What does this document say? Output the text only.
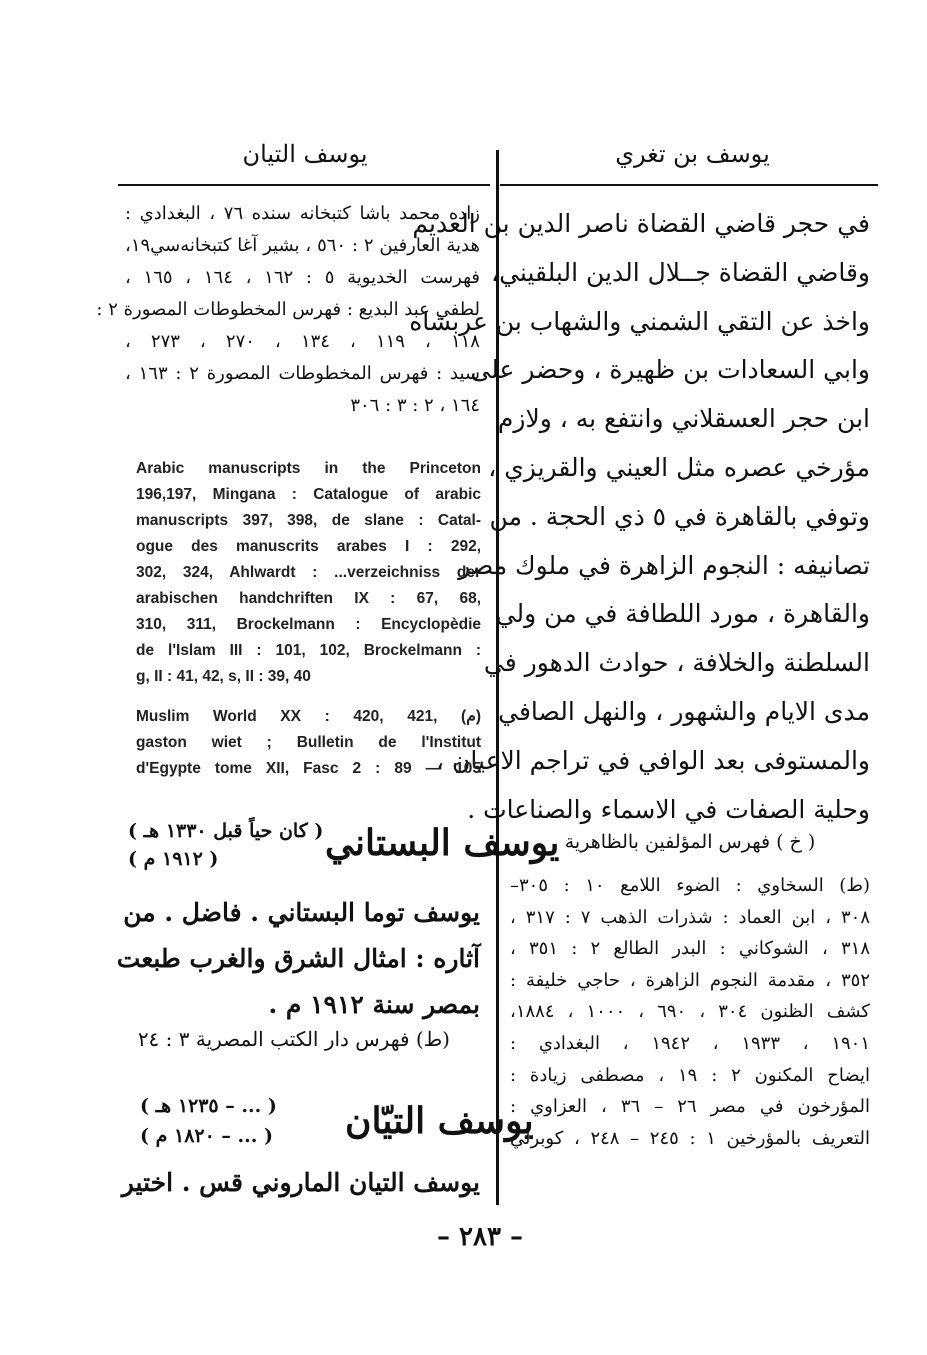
يوسف بن تغري
يوسف التيان
في حجر قاضي القضاة ناصر الدين بن العديم
وقاضي القضاة جــلال الدين البلقيني،
واخذ عن التقي الشمني والشهاب بن عربشاه
وابي السعادات بن ظهيرة ، وحضر على
ابن حجر العسقلاني وانتفع به ، ولازم
مؤرخي عصره مثل العيني والقريزي ،
وتوفي بالقاهرة في ٥ ذي الحجة . من
تصانيفه : النجوم الزاهرة في ملوك مصر
والقاهرة ، مورد اللطافة في من ولي
السلطنة والخلافة ، حوادث الدهور في
مدى الايام والشهور ، والنهل الصافي
والمستوفى بعد الوافي في تراجم الاعيان ،
وحلية الصفات في الاسماء والصناعات .
( خ ) فهرس المؤلفين بالظاهرية
(ط) السخاوي : الضوء اللامع ١٠ : ٣٠٥–
٣٠٨ ، ابن العماد : شذرات الذهب ٧ : ٣١٧ ،
٣١٨ ، الشوكاني : البدر الطالع ٢ : ٣٥١ ،
٣٥٢ ، مقدمة النجوم الزاهرة ، حاجي خليفة :
كشف الظنون ٣٠٤ ، ٦٩٠ ، ١٠٠٠ ، ١٨٨٤،
١٩٠١ ، ١٩٣٣ ، ١٩٤٢ ، البغدادي :
ايضاح المكنون ٢ : ١٩ ، مصطفى زيادة :
المؤرخون في مصر ٢٦ – ٣٦ ، العزاوي :
التعريف بالمؤرخين ١ : ٢٤٥ – ٢٤٨ ، كوبرلي
زاده محمد باشا كتبخانه سنده ٧٦ ، البغدادي :
هدية العارفين ٢ : ٥٦٠ ، بشير آغا كتبخانه‌سي١٩،
فهرست الخديوية ٥ : ١٦٢ ، ١٦٤ ، ١٦٥ ،
لطفي عبد البديع : فهرس المخطوطات المصورة ٢ :
١١٨ ، ١١٩ ، ١٣٤ ، ٢٧٠ ، ٢٧٣ ،
سيد : فهرس المخطوطات المصورة ٢ : ١٦٣ ،
١٦٤ ، ٢ : ٣ : ٣٠٦
Arabic manuscripts in the Princeton
196,197, Mingana : Catalogue of arabic
manuscripts 397, 398, de slane : Catal-
ogue des manuscrits arabes I : 292,
302, 324, Ahlwardt : ...verzeichniss der
arabischen handchriften IX : 67, 68,
310, 311, Brockelmann : Encyclopèdie
de l'Islam III : 101, 102, Brockelmann :
g, II : 41, 42, s, II : 39, 40
Muslim World XX : 420, 421, (م)
gaston wiet ; Bulletin de l'Institut
d'Egypte tome XII, Fasc 2 : 89 — 105
يوسف البستاني
( كان حياً قبل ١٣٣٠ هـ )
( ١٩١٢ م )
يوسف توما البستاني . فاضل . من
آثاره : امثال الشرق والغرب طبعت
بمصر سنة ١٩١٢ م .
(ط) فهرس دار الكتب المصرية ٣ : ٢٤
يوسف التيّان
( ... – ١٢٣٥ هـ )
( ... – ١٨٢٠ م )
يوسف التيان الماروني قس . اختير
– ٢٨٣ –
